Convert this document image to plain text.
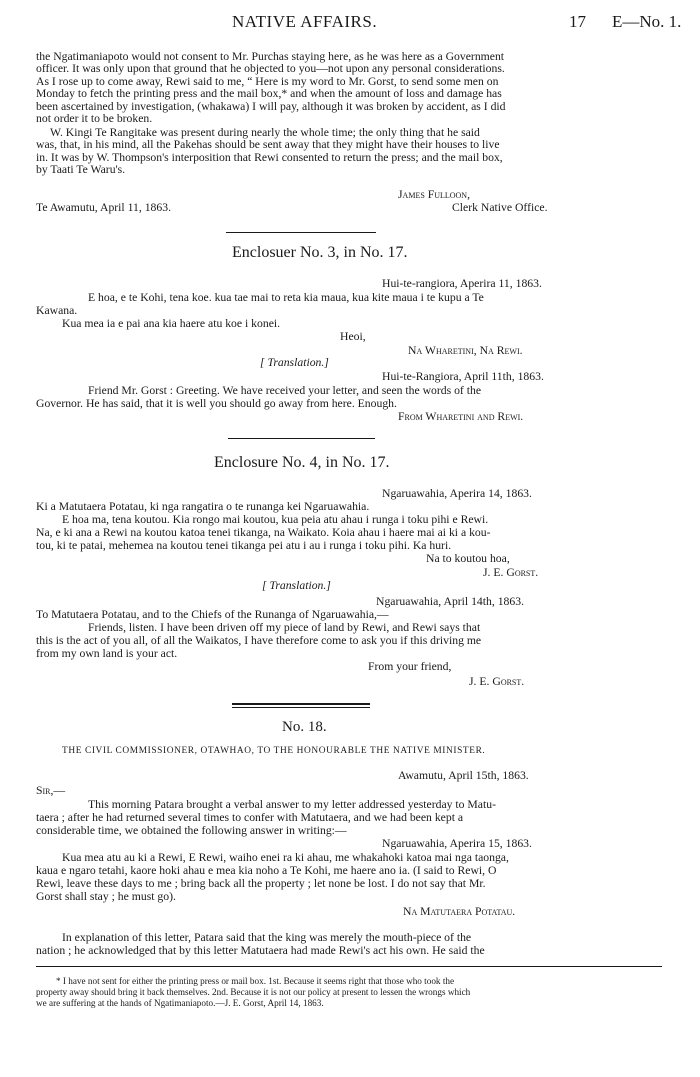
NATIVE AFFAIRS.	17 E—No. 1.
the Ngatimaniapoto would not consent to Mr. Purchas staying here, as he was here as a Government
officer. It was only upon that ground that he objected to you—not upon any personal considerations.
As I rose up to come away, Rewi said to me, “ Here is my word to Mr. Gorst, to send some men on
Monday to fetch the printing press and the mail box,* and when the amount of loss and damage has
been ascertained by investigation, (whakawa) I will pay, although it was broken by accident, as I did
not order it to be broken.
W. Kingi Te Rangitake was present during nearly the whole time; the only thing that he said
was, that, in his mind, all the Pakehas should be sent away that they might have their houses to live
in. It was by W. Thompson's interposition that Rewi consented to return the press; and the mail box,
by Taati Te Waru's.
James Fulloon,
Te Awamutu, April 11, 1863.	Clerk Native Office.
Enclosuer No. 3, in No. 17.
Hui-te-rangiora, Aperira 11, 1863.
E hoa, e te Kohi, tena koe. kua tae mai to reta kia maua, kua kite maua i te kupu a Te
Kawana.
Kua mea ia e pai ana kia haere atu koe i konei.
Heoi,
Na Wharetini, Na Rewi.
[ Translation.]
Hui-te-Rangiora, April 11th, 1863.
Friend Mr. Gorst : Greeting. We have received your letter, and seen the words of the
Governor. He has said, that it is well you should go away from here. Enough.
From Wharetini and Rewi.
Enclosure No. 4, in No. 17.
Ngaruawahia, Aperira 14, 1863.
Ki a Matutaera Potatau, ki nga rangatira o te runanga kei Ngaruawahia.
E hoa ma, tena koutou. Kia rongo mai koutou, kua peia atu ahau i runga i toku pihi e Rewi.
Na, e ki ana a Rewi na koutou katoa tenei tikanga, na Waikato. Koia ahau i haere mai ai ki a kou-
tou, ki te patai, mehemea na koutou tenei tikanga pei atu i au i runga i toku pihi. Ka huri.
Na to koutou hoa,
J. E. Gorst.
[ Translation.]
Ngaruawahia, April 14th, 1863.
To Matutaera Potatau, and to the Chiefs of the Runanga of Ngaruawahia,—
Friends, listen. I have been driven off my piece of land by Rewi, and Rewi says that
this is the act of you all, of all the Waikatos, I have therefore come to ask you if this driving me
from my own land is your act.
From your friend,
J. E. Gorst.
No. 18.
THE CIVIL COMMISSIONER, OTAWHAO, TO THE HONOURABLE THE NATIVE MINISTER.
Awamutu, April 15th, 1863.
Sir,—
This morning Patara brought a verbal answer to my letter addressed yesterday to Matu-
taera ; after he had returned several times to confer with Matutaera, and we had been kept a
considerable time, we obtained the following answer in writing:—
Ngaruawahia, Aperira 15, 1863.
Kua mea atu au ki a Rewi, E Rewi, waiho enei ra ki ahau, me whakahoki katoa mai nga taonga,
kaua e ngaro tetahi, kaore hoki ahau e mea kia noho a Te Kohi, me haere ano ia. (I said to Rewi, O
Rewi, leave these days to me ; bring back all the property ; let none be lost. I do not say that Mr.
Gorst shall stay ; he must go).
Na Matutaera Potatau.
In explanation of this letter, Patara said that the king was merely the mouth-piece of the
nation ; he acknowledged that by this letter Matutaera had made Rewi's act his own. He said the
* I have not sent for either the printing press or mail box. 1st. Because it seems right that those who took the
property away should bring it back themselves. 2nd. Because it is not our policy at present to lessen the wrongs which
we are suffering at the hands of Ngatimaniapoto.—J. E. Gorst, April 14, 1863.
